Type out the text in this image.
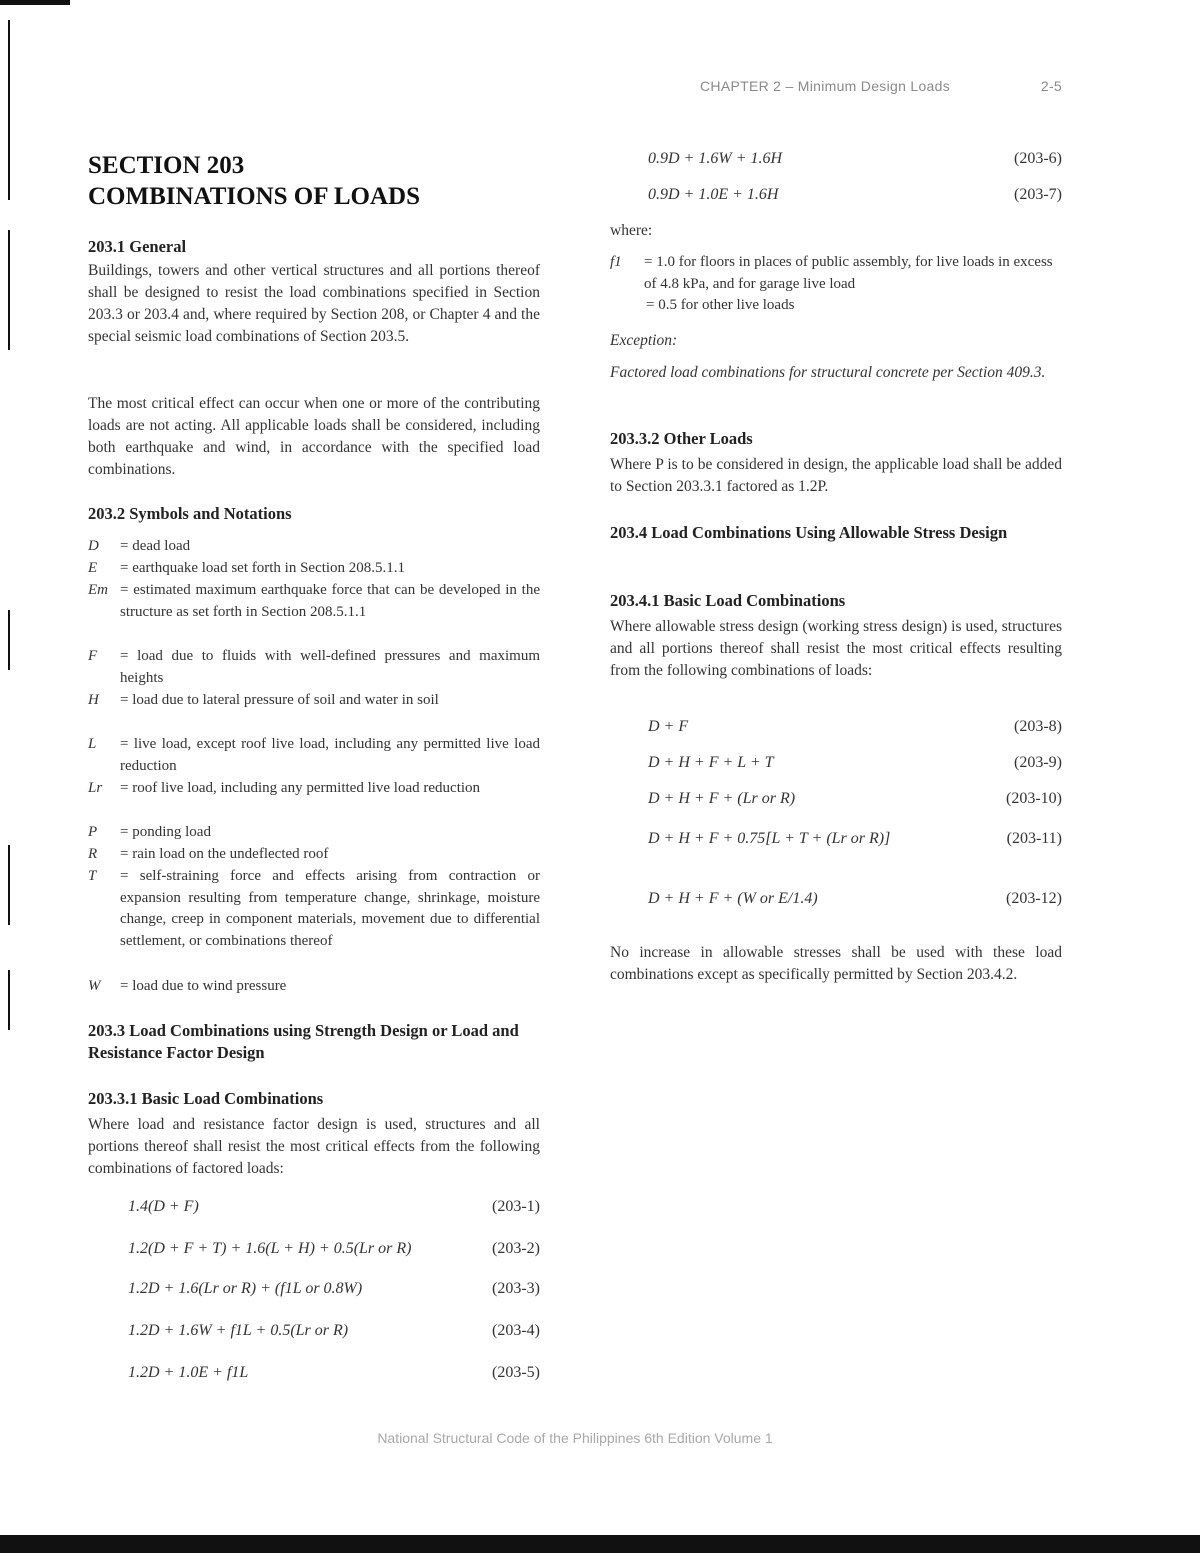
CHAPTER 2 – Minimum Design Loads	2-5
SECTION 203
COMBINATIONS OF LOADS
203.1 General

Buildings, towers and other vertical structures and all portions thereof shall be designed to resist the load combinations specified in Section 203.3 or 203.4 and, where required by Section 208, or Chapter 4 and the special seismic load combinations of Section 203.5.

The most critical effect can occur when one or more of the contributing loads are not acting. All applicable loads shall be considered, including both earthquake and wind, in accordance with the specified load combinations.

203.2 Symbols and Notations
D	= dead load
E	= earthquake load set forth in Section 208.5.1.1
Em = estimated maximum earthquake force that can be developed in the structure as set forth in Section 208.5.1.1
F	= load due to fluids with well-defined pressures and maximum heights
H	= load due to lateral pressure of soil and water in soil
L	= live load, except roof live load, including any permitted live load reduction
Lr	= roof live load, including any permitted live load reduction
P	= ponding load
R	= rain load on the undeflected roof
T	= self-straining force and effects arising from contraction or expansion resulting from temperature change, shrinkage, moisture change, creep in component materials, movement due to differential settlement, or combinations thereof
W	= load due to wind pressure
203.3 Load Combinations using Strength Design or Load and Resistance Factor Design
203.3.1 Basic Load Combinations

Where load and resistance factor design is used, structures and all portions thereof shall resist the most critical effects from the following combinations of factored loads:

1.4(D + F)	(203-1)
1.2(D + F + T) + 1.6(L + H) + 0.5(Lr or R)	(203-2)
1.2D + 1.6(Lr or R) + (f1L or 0.8W)	(203-3)
1.2D + 1.6W + f1L + 0.5(Lr or R)	(203-4)
1.2D + 1.0E + f1L	(203-5)
0.9D + 1.6W + 1.6H	(203-6)
0.9D + 1.0E + 1.6H	(203-7)
where:
f1 = 1.0 for floors in places of public assembly, for live loads in excess of 4.8 kPa, and for garage live load
= 0.5 for other live loads
Exception:

Factored load combinations for structural concrete per Section 409.3.

203.3.2 Other Loads

Where P is to be considered in design, the applicable load shall be added to Section 203.3.1 factored as 1.2P.

203.4 Load Combinations Using Allowable Stress Design
203.4.1 Basic Load Combinations

Where allowable stress design (working stress design) is used, structures and all portions thereof shall resist the most critical effects resulting from the following combinations of loads:

D + F	(203-8)
D + H + F + L + T	(203-9)
D + H + F + (Lr or R)	(203-10)
D + H + F + 0.75[L + T + (Lr or R)]	(203-11)
D + H + F + (W or E/1.4)	(203-12)

No increase in allowable stresses shall be used with these load combinations except as specifically permitted by Section 203.4.2.

National Structural Code of the Philippines 6th Edition Volume 1
